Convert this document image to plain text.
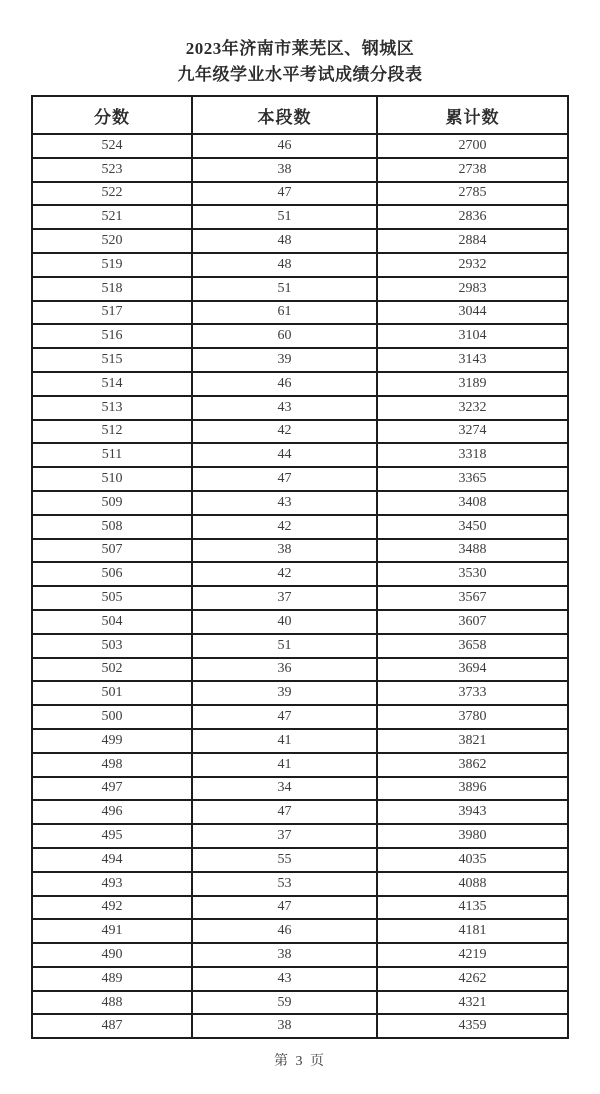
2023年济南市莱芜区、钢城区
九年级学业水平考试成绩分段表
分数	本段数	累计数
524	46	2700
523	38	2738
522	47	2785
521	51	2836
520	48	2884
519	48	2932
518	51	2983
517	61	3044
516	60	3104
515	39	3143
514	46	3189
513	43	3232
512	42	3274
511	44	3318
510	47	3365
509	43	3408
508	42	3450
507	38	3488
506	42	3530
505	37	3567
504	40	3607
503	51	3658
502	36	3694
501	39	3733
500	47	3780
499	41	3821
498	41	3862
497	34	3896
496	47	3943
495	37	3980
494	55	4035
493	53	4088
492	47	4135
491	46	4181
490	38	4219
489	43	4262
488	59	4321
487	38	4359
第 3 页
